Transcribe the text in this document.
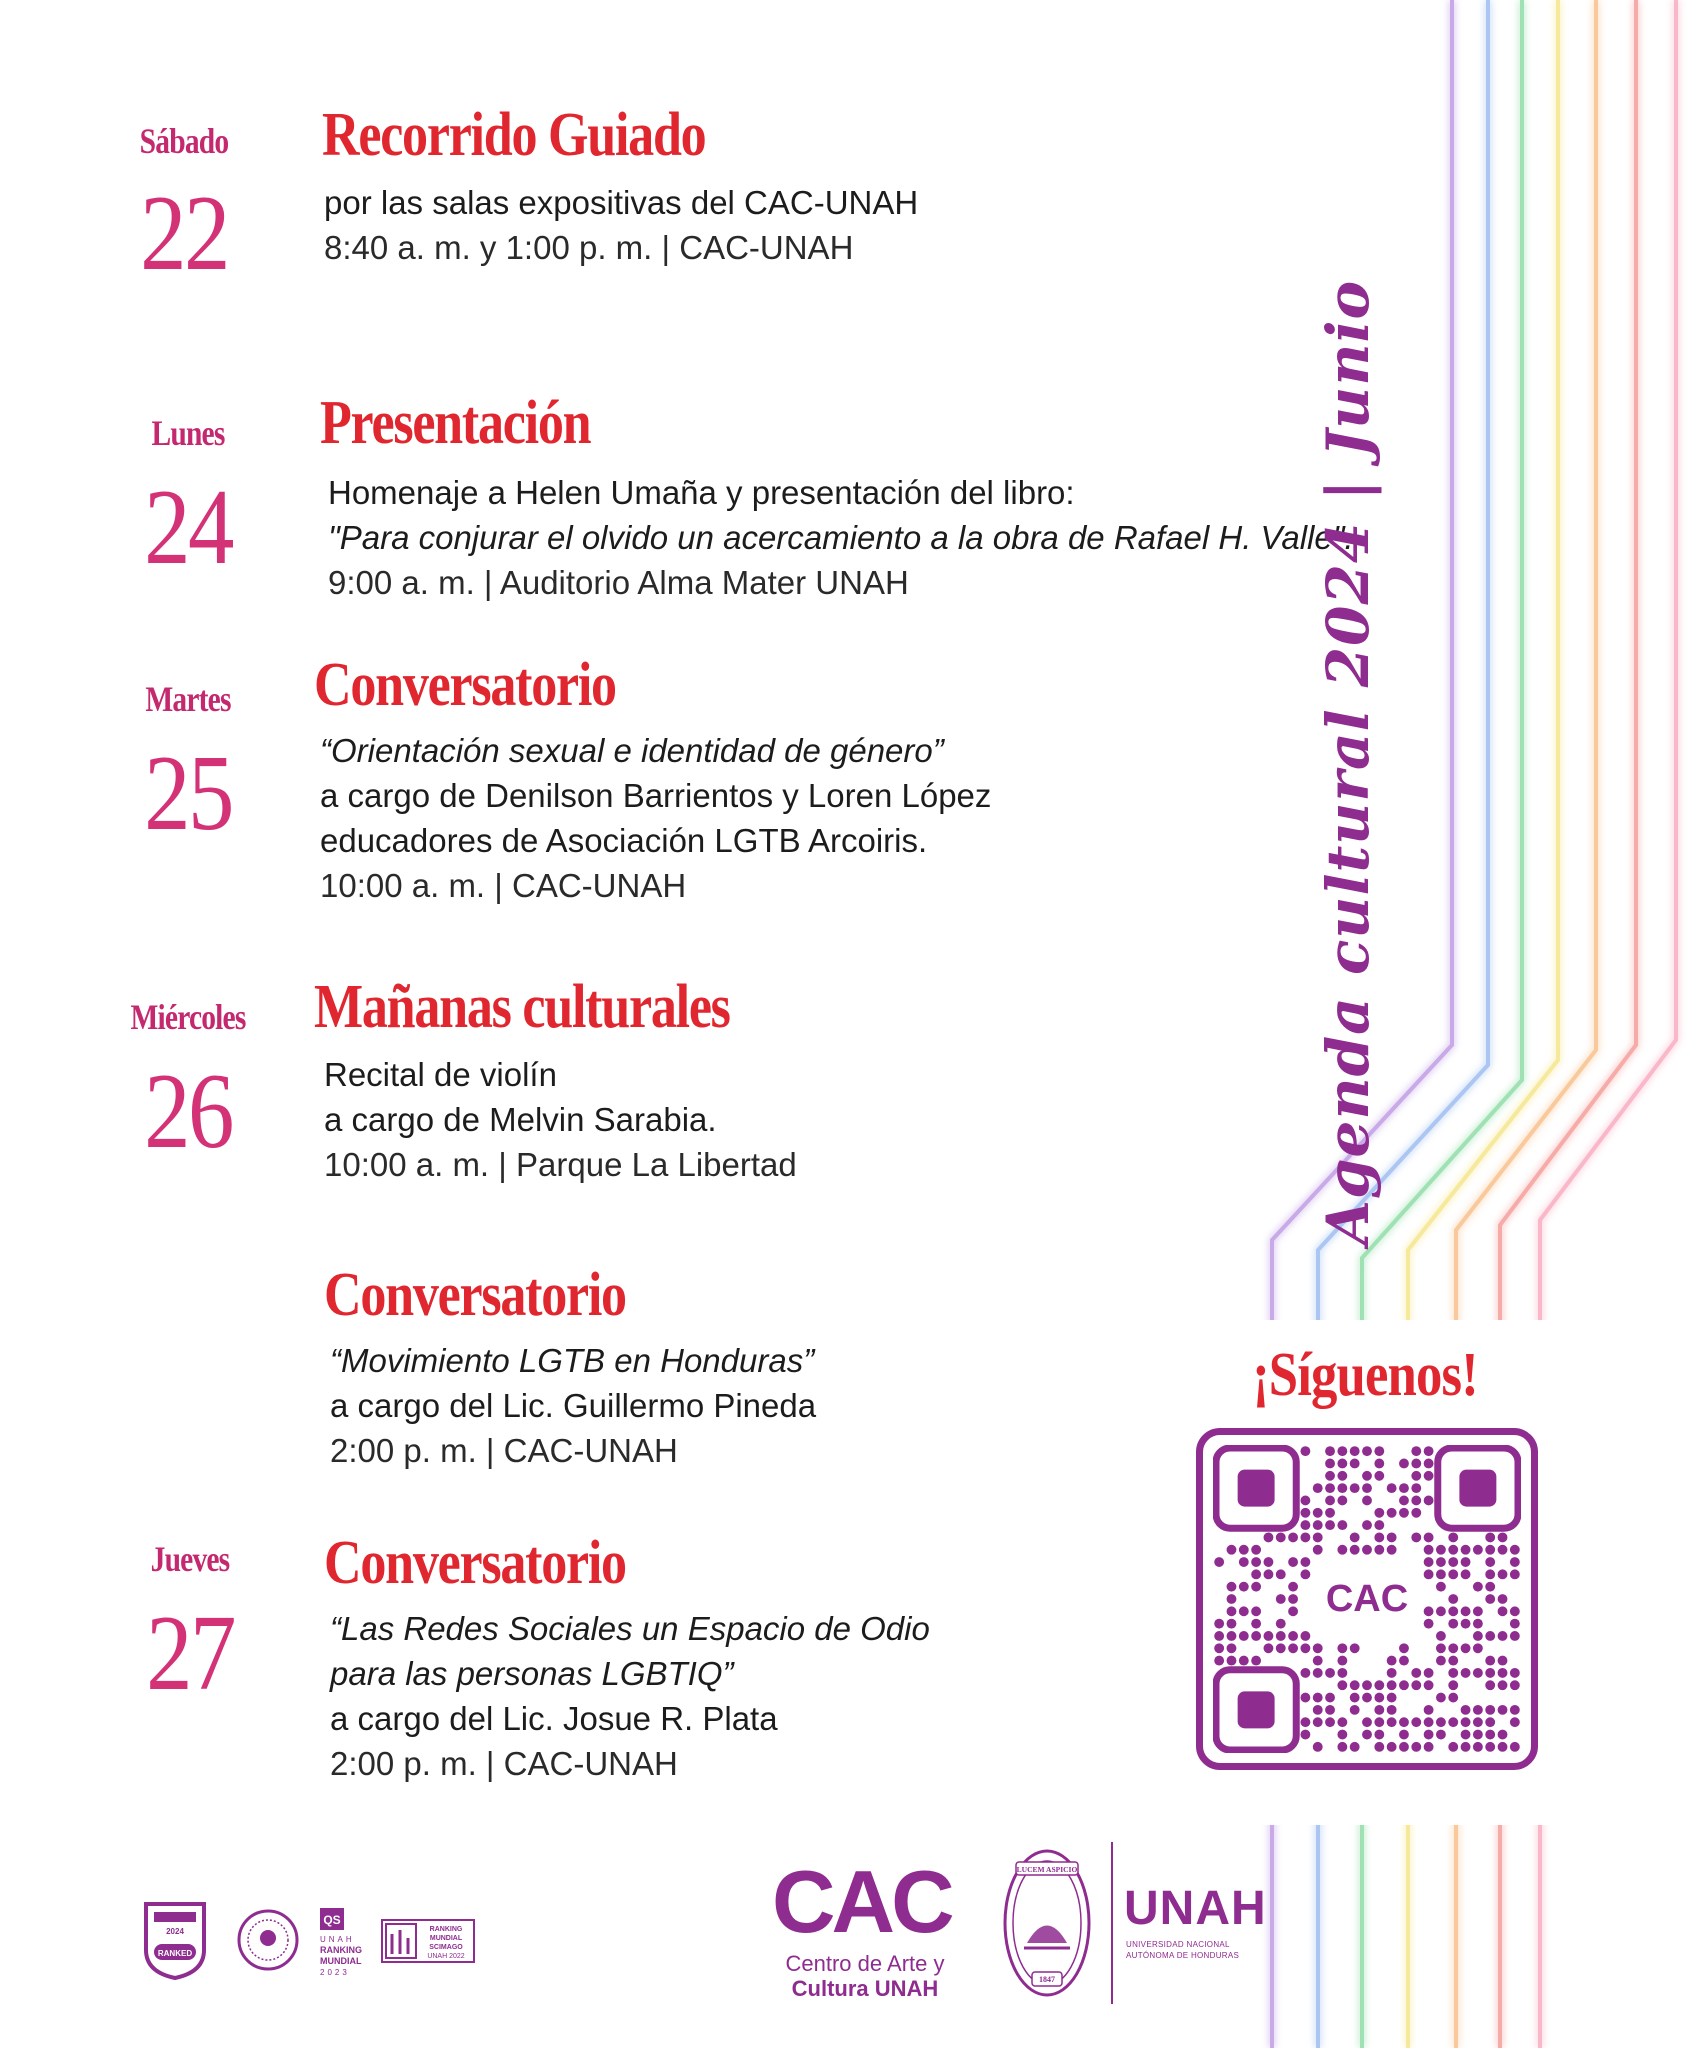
Sábado
22
Recorrido Guiado
por las salas expositivas del CAC-UNAH
8:40 a. m. y 1:00 p. m. | CAC-UNAH
Lunes
24
Presentación
Homenaje a Helen Umaña y presentación del libro:
"Para conjurar el olvido un acercamiento a la obra de Rafael H. Valle".
9:00 a. m. | Auditorio Alma Mater UNAH
Martes
25
Conversatorio
“Orientación sexual e identidad de género”
a cargo de Denilson Barrientos y Loren López
educadores de Asociación LGTB Arcoiris.
10:00 a. m. | CAC-UNAH
Miércoles
26
Mañanas culturales
Recital de violín
a cargo de Melvin Sarabia.
10:00 a. m. | Parque La Libertad
Conversatorio
“Movimiento LGTB en Honduras”
a cargo del Lic. Guillermo Pineda
2:00 p. m. | CAC-UNAH
Jueves
27
Conversatorio
“Las Redes Sociales un Espacio de Odio
para las personas LGBTIQ”
a cargo del Lic. Josue R. Plata
2:00 p. m. | CAC-UNAH
Agenda cultural 2024 | Junio
¡Síguenos!
CAC
2024
RANKED
QS
UNAH
RANKING
MUNDIAL
2023
RANKING
MUNDIAL
SCIMAGO
UNAH 2022
CAC
Centro de Arte y
Cultura UNAH
LUCEM ASPICIO
1847
UNAH
UNIVERSIDAD NACIONAL
AUTÓNOMA DE HONDURAS
